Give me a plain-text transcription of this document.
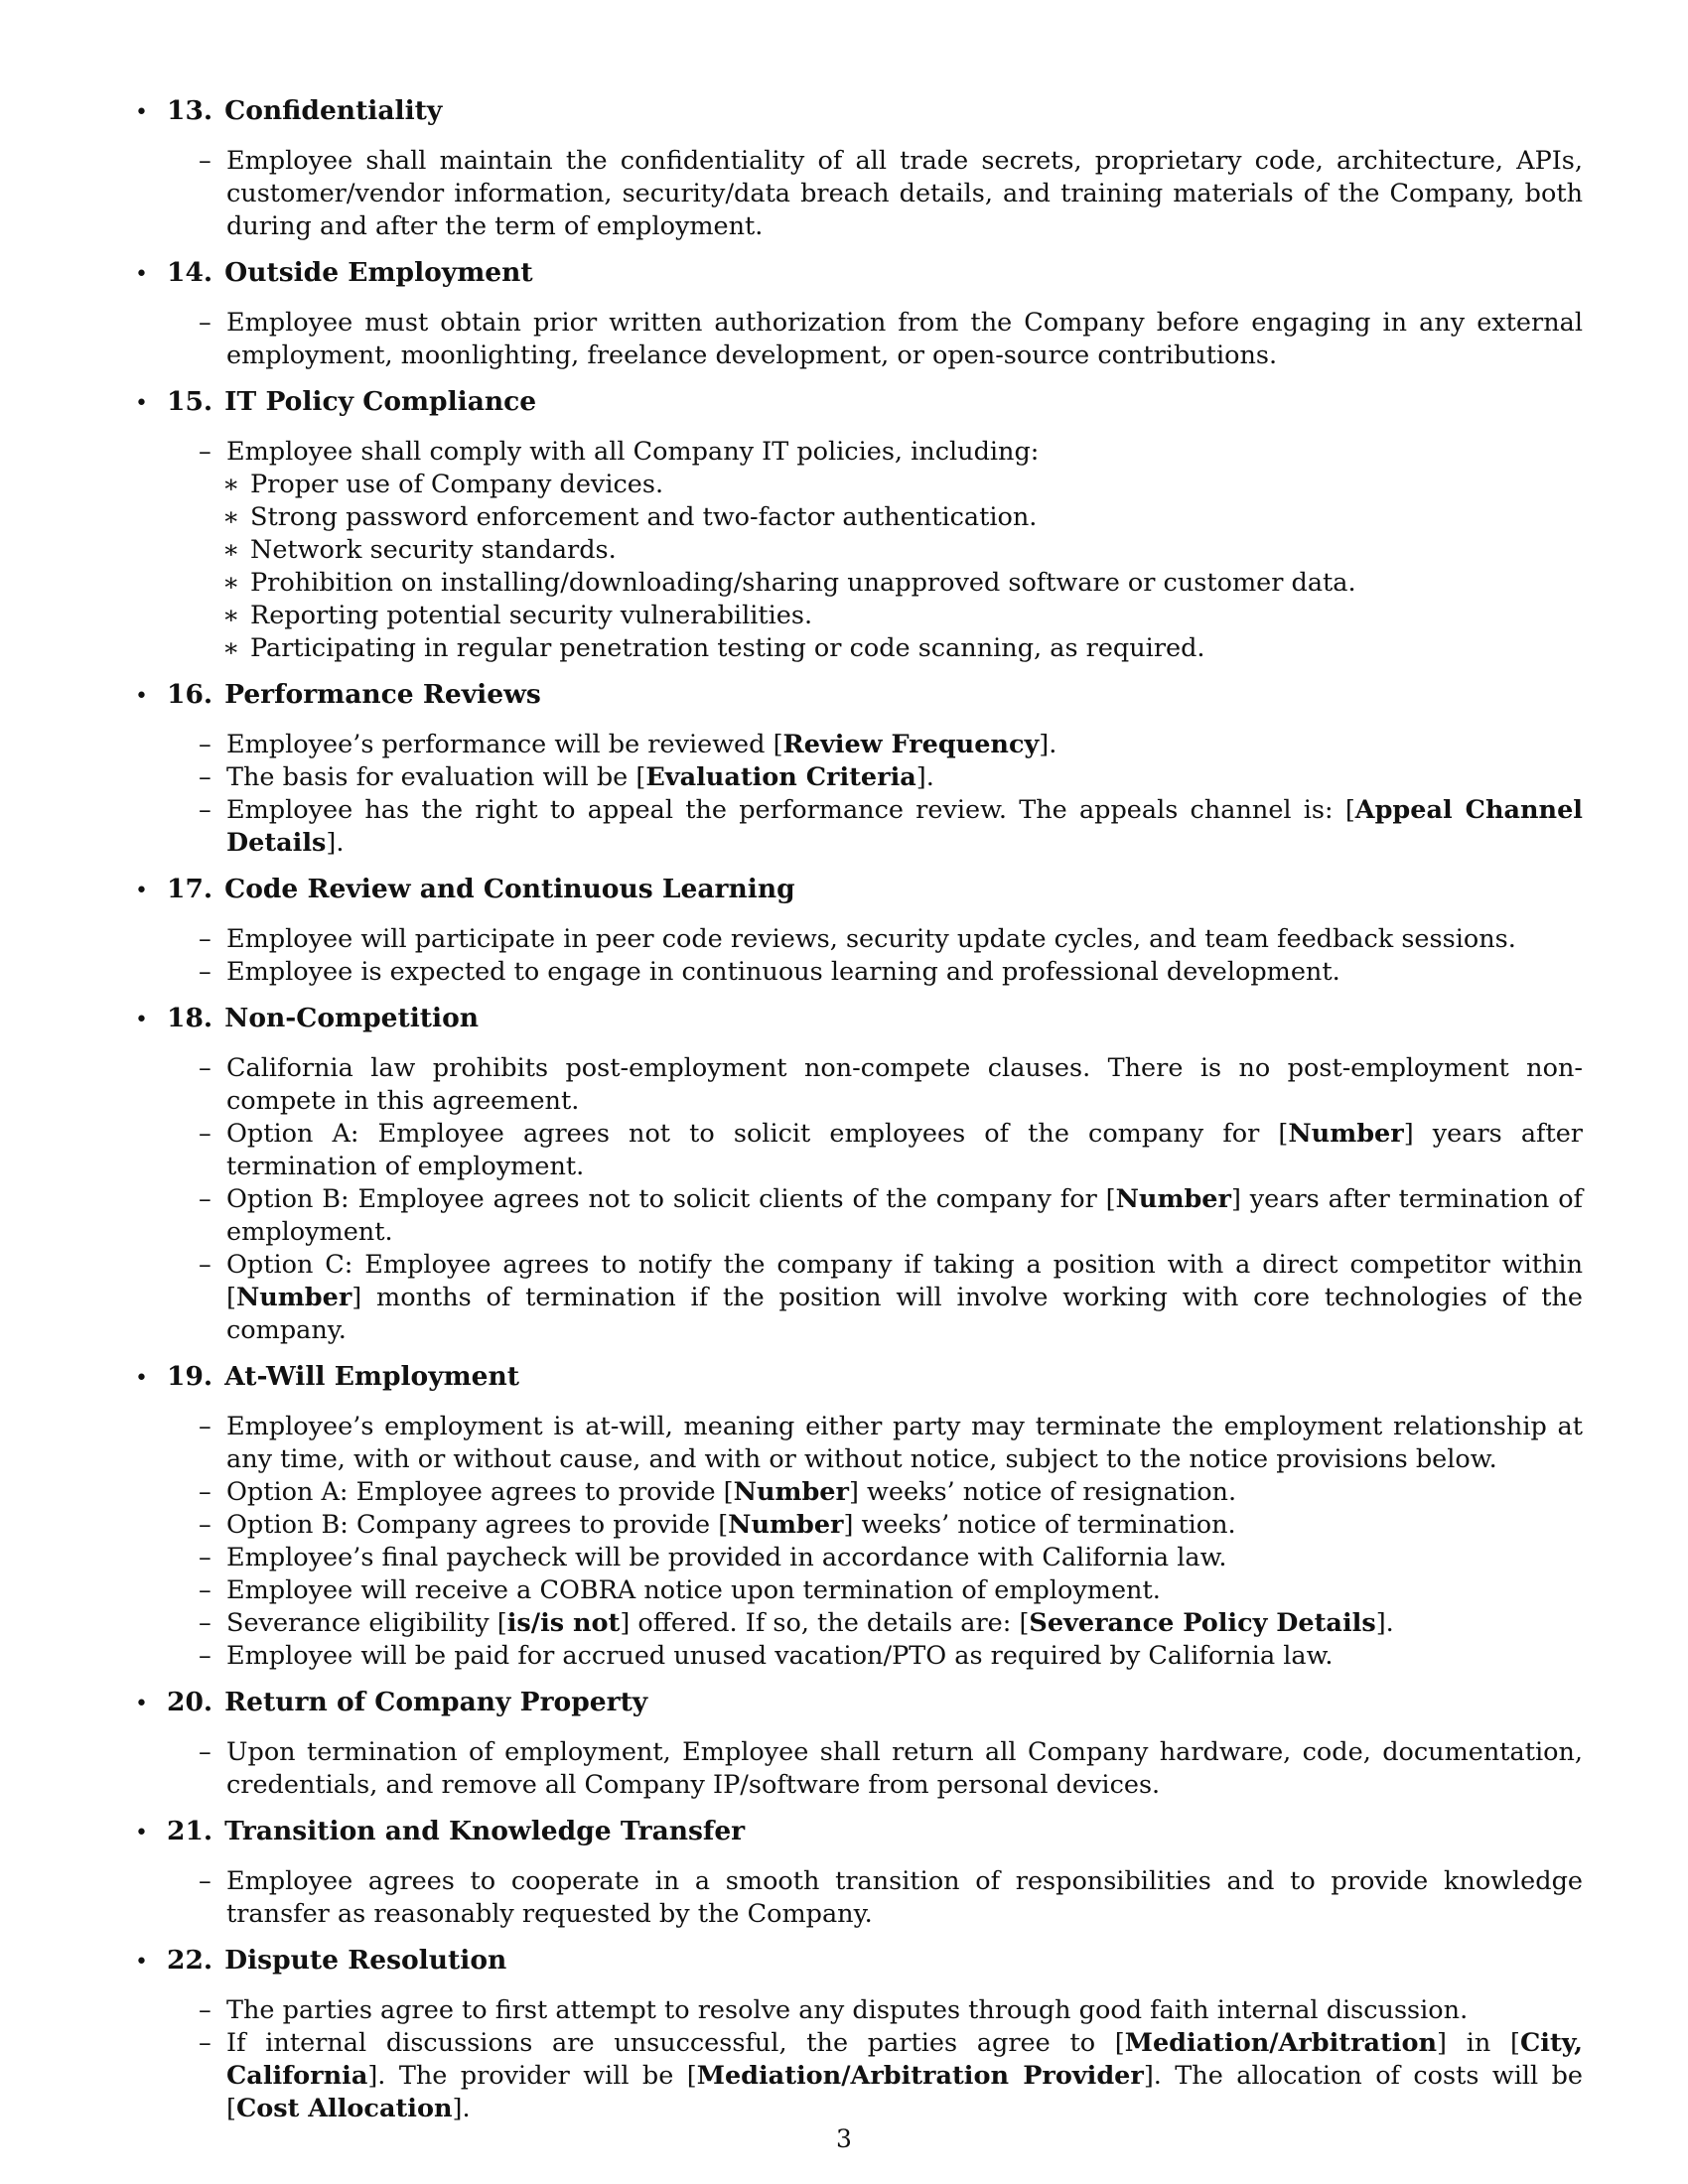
• 13. Confidentiality
– Employee shall maintain the confidentiality of all trade secrets, proprietary code, architecture, APIs, customer/vendor information, security/data breach details, and training materials of the Company, both during and after the term of employment.
• 14. Outside Employment
– Employee must obtain prior written authorization from the Company before engaging in any external employment, moonlighting, freelance development, or open-source contributions.
• 15. IT Policy Compliance
– Employee shall comply with all Company IT policies, including:
∗ Proper use of Company devices.
∗ Strong password enforcement and two-factor authentication.
∗ Network security standards.
∗ Prohibition on installing/downloading/sharing unapproved software or customer data.
∗ Reporting potential security vulnerabilities.
∗ Participating in regular penetration testing or code scanning, as required.
• 16. Performance Reviews
– Employee’s performance will be reviewed [Review Frequency].
– The basis for evaluation will be [Evaluation Criteria].
– Employee has the right to appeal the performance review. The appeals channel is: [Appeal Channel Details].
• 17. Code Review and Continuous Learning
– Employee will participate in peer code reviews, security update cycles, and team feedback sessions.
– Employee is expected to engage in continuous learning and professional development.
• 18. Non-Competition
– California law prohibits post-employment non-compete clauses. There is no post-employment non-compete in this agreement.
– Option A: Employee agrees not to solicit employees of the company for [Number] years after termination of employment.
– Option B: Employee agrees not to solicit clients of the company for [Number] years after termination of employment.
– Option C: Employee agrees to notify the company if taking a position with a direct competitor within [Number] months of termination if the position will involve working with core technologies of the company.
• 19. At-Will Employment
– Employee’s employment is at-will, meaning either party may terminate the employment relationship at any time, with or without cause, and with or without notice, subject to the notice provisions below.
– Option A: Employee agrees to provide [Number] weeks’ notice of resignation.
– Option B: Company agrees to provide [Number] weeks’ notice of termination.
– Employee’s final paycheck will be provided in accordance with California law.
– Employee will receive a COBRA notice upon termination of employment.
– Severance eligibility [is/is not] offered. If so, the details are: [Severance Policy Details].
– Employee will be paid for accrued unused vacation/PTO as required by California law.
• 20. Return of Company Property
– Upon termination of employment, Employee shall return all Company hardware, code, documentation, credentials, and remove all Company IP/software from personal devices.
• 21. Transition and Knowledge Transfer
– Employee agrees to cooperate in a smooth transition of responsibilities and to provide knowledge transfer as reasonably requested by the Company.
• 22. Dispute Resolution
– The parties agree to first attempt to resolve any disputes through good faith internal discussion.
– If internal discussions are unsuccessful, the parties agree to [Mediation/Arbitration] in [City, California]. The provider will be [Mediation/Arbitration Provider]. The allocation of costs will be [Cost Allocation].
3
